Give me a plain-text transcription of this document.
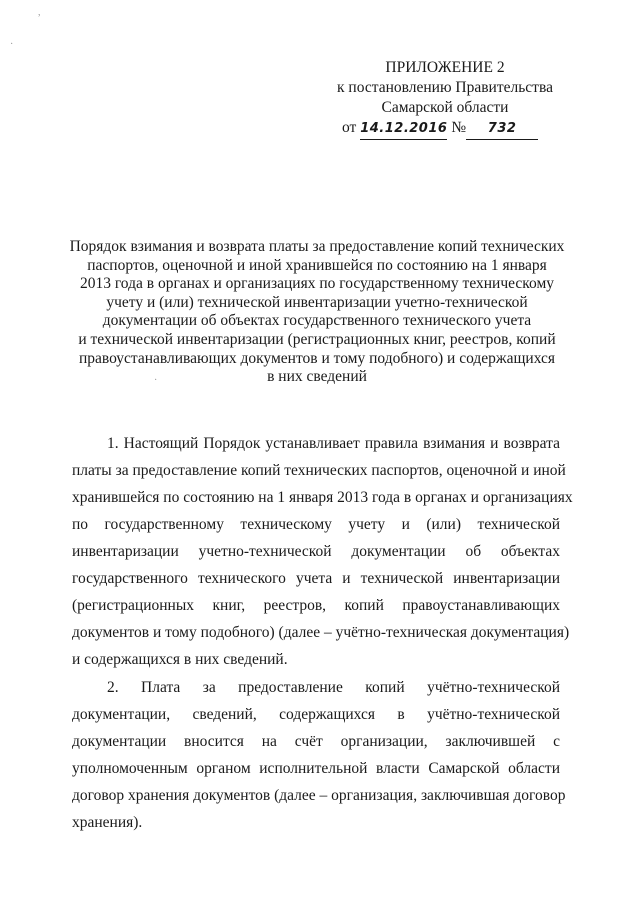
,
·
·
ПРИЛОЖЕНИЕ 2
к постановлению Правительства
Самарской области
от 14.12.2016 № 732
Порядок взимания и возврата платы за предоставление копий технических
паспортов, оценочной и иной хранившейся по состоянию на 1 января
2013 года в органах и организациях по государственному техническому
учету и (или) технической инвентаризации учетно-технической
документации об объектах государственного технического учета
и технической инвентаризации (регистрационных книг, реестров, копий
правоустанавливающих документов и тому подобного) и содержащихся
в них сведений
1. Настоящий Порядок устанавливает правила взимания и возврата
платы за предоставление копий технических паспортов, оценочной и иной
хранившейся по состоянию на 1 января 2013 года в органах и организациях
по государственному техническому учету и (или) технической
инвентаризации учетно-технической документации об объектах
государственного технического учета и технической инвентаризации
(регистрационных книг, реестров, копий правоустанавливающих
документов и тому подобного) (далее – учётно-техническая документация)
и содержащихся в них сведений.
2. Плата за предоставление копий учётно-технической
документации, сведений, содержащихся в учётно-технической
документации вносится на счёт организации, заключившей с
уполномоченным органом исполнительной власти Самарской области
договор хранения документов (далее – организация, заключившая договор
хранения).
